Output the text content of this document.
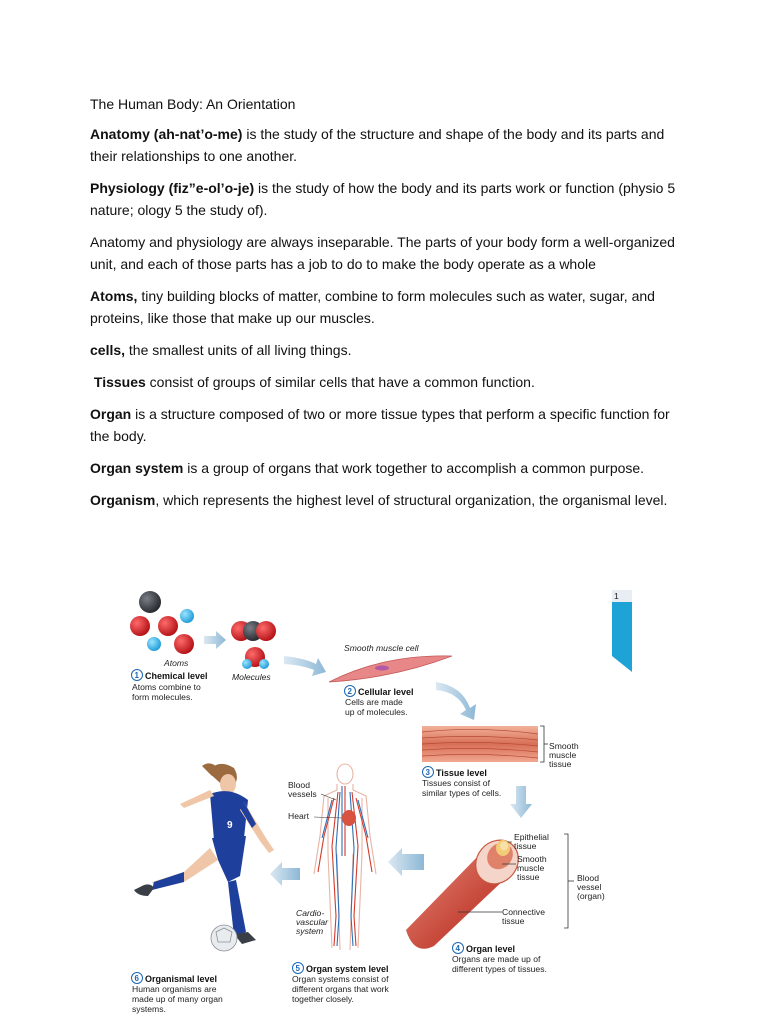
The Human Body: An Orientation

Anatomy (ah-nat’o-me) is the study of the structure and shape of the body and its parts and their relationships to one another.

Physiology (fiz”e-ol’o-je) is the study of how the body and its parts work or function (physio 5 nature; ology 5 the study of).

Anatomy and physiology are always inseparable. The parts of your body form a well-organized unit, and each of those parts has a job to do to make the body operate as a whole

Atoms, tiny building blocks of matter, combine to form molecules such as water, sugar, and proteins, like those that make up our muscles.

cells, the smallest units of all living things.

Tissues consist of groups of similar cells that have a common function.

Organ is a structure composed of two or more tissue types that perform a specific function for the body.

Organ system is a group of organs that work together to accomplish a common purpose.

Organism, which represents the highest level of structural organization, the organismal level.

1
Atoms
Molecules
1 Chemical level
Atoms combine to
form molecules.
Smooth muscle cell
2 Cellular level
Cells are made
up of molecules.
Smooth
muscle
tissue
3 Tissue level
Tissues consist of
similar types of cells.
Epithelial
tissue
Smooth
muscle
tissue
Connective
tissue
Blood
vessel
(organ)
4 Organ level
Organs are made up of
different types of tissues.
Blood
vessels
Heart
Cardio-
vascular
system
5 Organ system level
Organ systems consist of
different organs that work
together closely.
9
6 Organismal level
Human organisms are
made up of many organ
systems.
